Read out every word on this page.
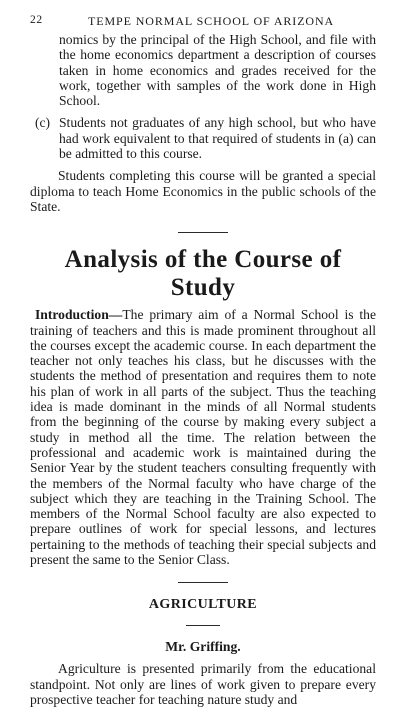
22	TEMPE NORMAL SCHOOL OF ARIZONA
nomics by the principal of the High School, and file with the home economics department a description of courses taken in home economics and grades received for the work, together with samples of the work done in High School.
(c) Students not graduates of any high school, but who have had work equivalent to that required of students in (a) can be admitted to this course.
Students completing this course will be granted a special diploma to teach Home Economics in the public schools of the State.
Analysis of the Course of Study
Introduction—The primary aim of a Normal School is the training of teachers and this is made prominent throughout all the courses except the academic course. In each department the teacher not only teaches his class, but he discusses with the students the method of presentation and requires them to note his plan of work in all parts of the subject. Thus the teaching idea is made dominant in the minds of all Normal students from the beginning of the course by making every subject a study in method all the time. The relation between the professional and academic work is maintained during the Senior Year by the student teachers consulting frequently with the members of the Normal faculty who have charge of the subject which they are teaching in the Training School. The members of the Normal School faculty are also expected to prepare outlines of work for special lessons, and lectures pertaining to the methods of teaching their special subjects and present the same to the Senior Class.
AGRICULTURE
Mr. Griffing.
Agriculture is presented primarily from the educational standpoint. Not only are lines of work given to prepare every prospective teacher for teaching nature study and
